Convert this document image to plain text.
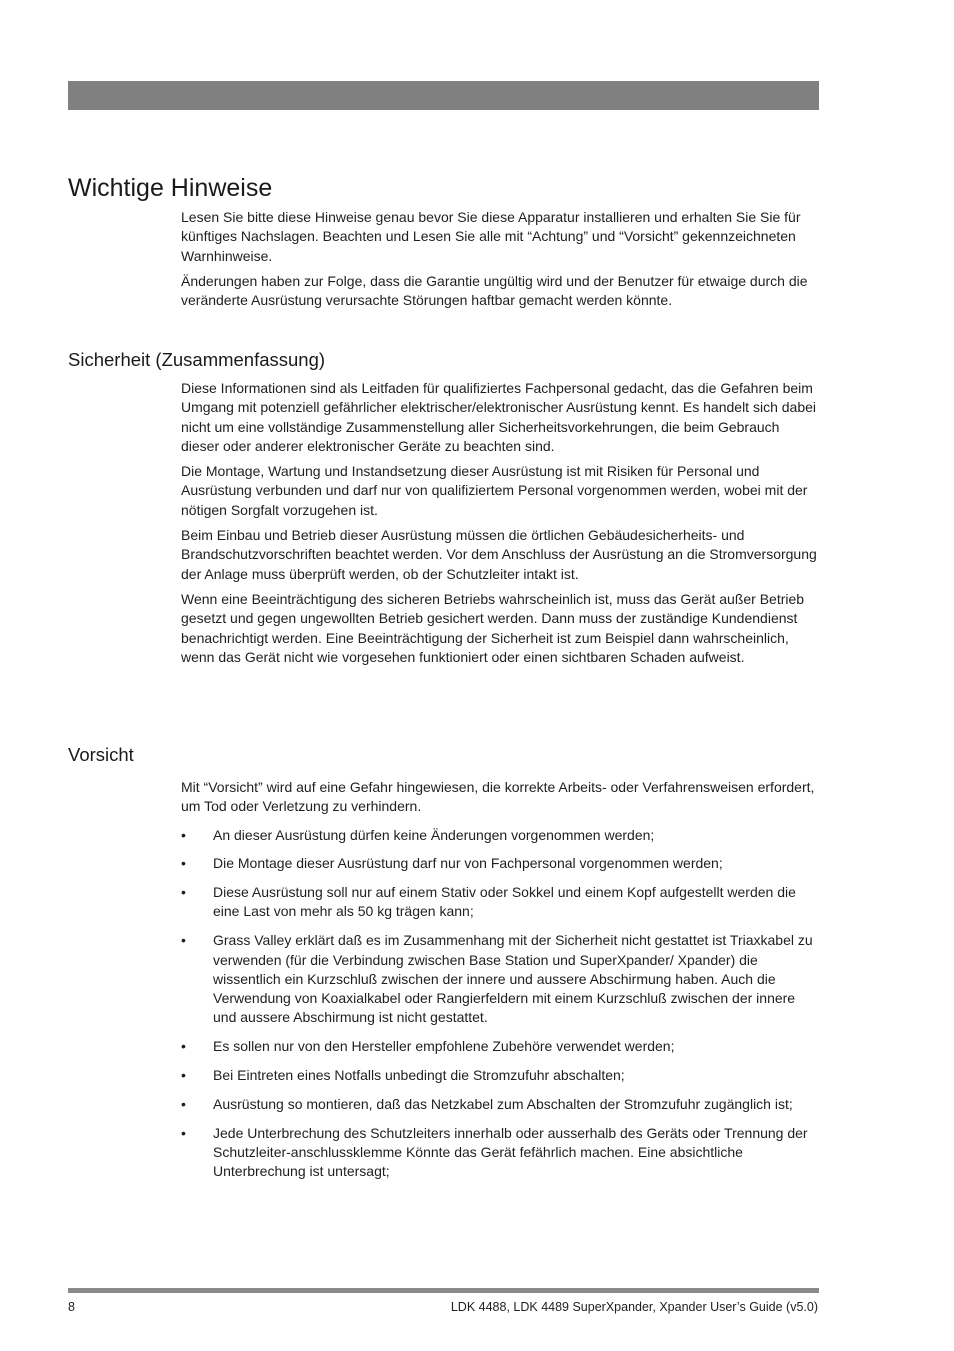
Wichtige Hinweise

Lesen Sie bitte diese Hinweise genau bevor Sie diese Apparatur installieren und erhalten Sie Sie für künftiges Nachslagen. Beachten und Lesen Sie alle mit “Achtung” und “Vorsicht” gekennzeichneten Warnhinweise.

Änderungen haben zur Folge, dass die Garantie ungültig wird und der Benutzer für etwaige durch die veränderte Ausrüstung verursachte Störungen haftbar gemacht werden könnte.

Sicherheit (Zusammenfassung)

Diese Informationen sind als Leitfaden für qualifiziertes Fachpersonal gedacht, das die Gefahren beim Umgang mit potenziell gefährlicher elektrischer/elektronischer Ausrüstung kennt. Es handelt sich dabei nicht um eine vollständige Zusammenstellung aller Sicherheitsvorkehrungen, die beim Gebrauch dieser oder anderer elektronischer Geräte zu beachten sind.

Die Montage, Wartung und Instandsetzung dieser Ausrüstung ist mit Risiken für Personal und Ausrüstung verbunden und darf nur von qualifiziertem Personal vorgenommen werden, wobei mit der nötigen Sorgfalt vorzugehen ist.

Beim Einbau und Betrieb dieser Ausrüstung müssen die örtlichen Gebäudesicherheits- und Brandschutzvorschriften beachtet werden. Vor dem Anschluss der Ausrüstung an die Stromversorgung der Anlage muss überprüft werden, ob der Schutzleiter intakt ist.

Wenn eine Beeinträchtigung des sicheren Betriebs wahrscheinlich ist, muss das Gerät außer Betrieb gesetzt und gegen ungewollten Betrieb gesichert werden. Dann muss der zuständige Kundendienst benachrichtigt werden. Eine Beeinträchtigung der Sicherheit ist zum Beispiel dann wahrscheinlich, wenn das Gerät nicht wie vorgesehen funktioniert oder einen sichtbaren Schaden aufweist.

Vorsicht

Mit “Vorsicht” wird auf eine Gefahr hingewiesen, die korrekte Arbeits- oder Verfahrensweisen erfordert, um Tod oder Verletzung zu verhindern.

• An dieser Ausrüstung dürfen keine Änderungen vorgenommen werden;
• Die Montage dieser Ausrüstung darf nur von Fachpersonal vorgenommen werden;
• Diese Ausrüstung soll nur auf einem Stativ oder Sokkel und einem Kopf aufgestellt werden die eine Last von mehr als 50 kg trägen kann;
• Grass Valley erklärt daß es im Zusammenhang mit der Sicherheit nicht gestattet ist Triaxkabel zu verwenden (für die Verbindung zwischen Base Station und SuperXpander/ Xpander) die wissentlich ein Kurzschluß zwischen der innere und aussere Abschirmung haben. Auch die Verwendung von Koaxialkabel oder Rangierfeldern mit einem Kurzschluß zwischen der innere und aussere Abschirmung ist nicht gestattet.
• Es sollen nur von den Hersteller empfohlene Zubehöre verwendet werden;
• Bei Eintreten eines Notfalls unbedingt die Stromzufuhr abschalten;
• Ausrüstung so montieren, daß das Netzkabel zum Abschalten der Stromzufuhr zugänglich ist;
• Jede Unterbrechung des Schutzleiters innerhalb oder ausserhalb des Geräts oder Trennung der Schutzleiter-anschlussklemme Könnte das Gerät fefährlich machen. Eine absichtliche Unterbrechung ist untersagt;
8	LDK 4488, LDK 4489 SuperXpander, Xpander User’s Guide (v5.0)
